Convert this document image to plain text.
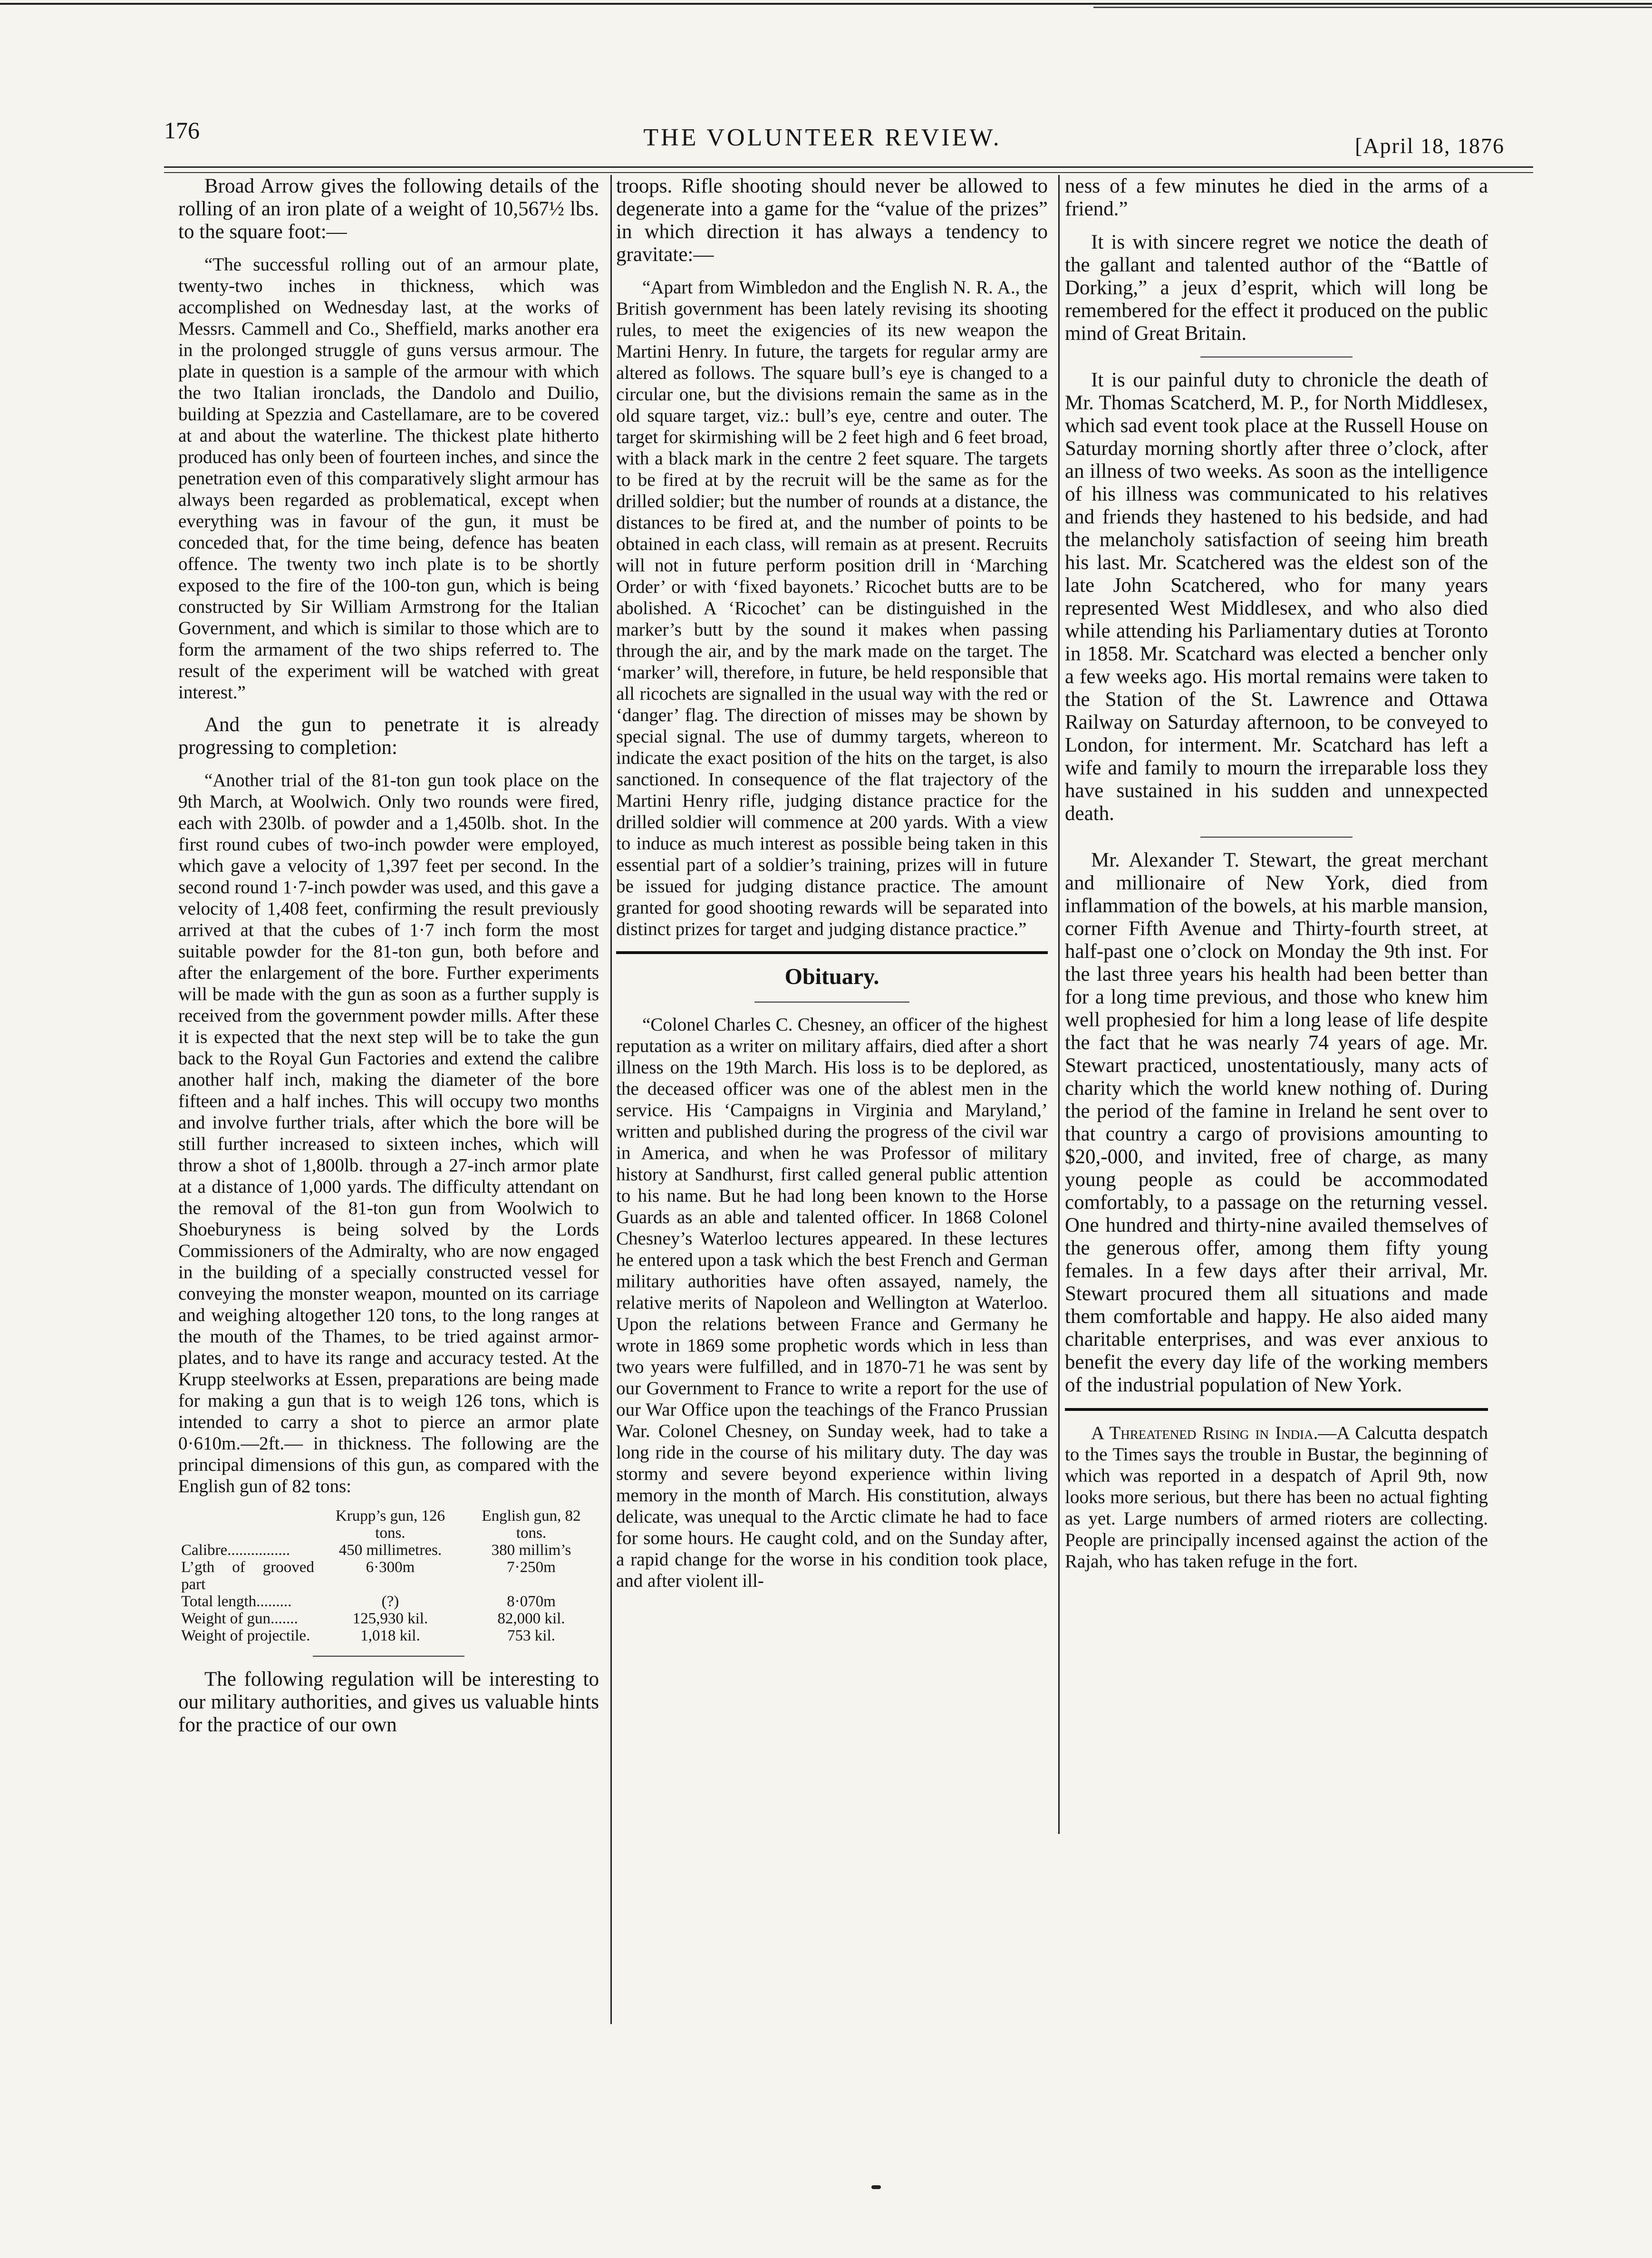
176	THE VOLUNTEER REVIEW.	[April 18, 1876

Broad Arrow gives the following details of the rolling of an iron plate of a weight of 10,567½ lbs. to the square foot:—

“The successful rolling out of an armour plate, twenty-two inches in thickness, which was accomplished on Wednesday last, at the works of Messrs. Cammell and Co., Sheffield, marks another era in the prolonged struggle of guns versus armour. The plate in question is a sample of the armour with which the two Italian ironclads, the Dandolo and Duilio, building at Spezzia and Castellamare, are to be covered at and about the waterline. The thickest plate hitherto produced has only been of fourteen inches, and since the penetration even of this comparatively slight armour has always been regarded as problematical, except when everything was in favour of the gun, it must be conceded that, for the time being, defence has beaten offence. The twenty two inch plate is to be shortly exposed to the fire of the 100-ton gun, which is being constructed by Sir William Armstrong for the Italian Government, and which is similar to those which are to form the armament of the two ships referred to. The result of the experiment will be watched with great interest.”

And the gun to penetrate it is already progressing to completion:

“Another trial of the 81-ton gun took place on the 9th March, at Woolwich. Only two rounds were fired, each with 230lb. of powder and a 1,450lb. shot. In the first round cubes of two-inch powder were employed, which gave a velocity of 1,397 feet per second. In the second round 1·7-inch powder was used, and this gave a velocity of 1,408 feet, confirming the result previously arrived at that the cubes of 1·7 inch form the most suitable powder for the 81-ton gun, both before and after the enlargement of the bore. Further experiments will be made with the gun as soon as a further supply is received from the government powder mills. After these it is expected that the next step will be to take the gun back to the Royal Gun Factories and extend the calibre another half inch, making the diameter of the bore fifteen and a half inches. This will occupy two months and involve further trials, after which the bore will be still further increased to sixteen inches, which will throw a shot of 1,800lb. through a 27-inch armor plate at a distance of 1,000 yards. The difficulty attendant on the removal of the 81-ton gun from Woolwich to Shoeburyness is being solved by the Lords Commissioners of the Admiralty, who are now engaged in the building of a specially constructed vessel for conveying the monster weapon, mounted on its carriage and weighing altogether 120 tons, to the long ranges at the mouth of the Thames, to be tried against armor-plates, and to have its range and accuracy tested. At the Krupp steelworks at Essen, preparations are being made for making a gun that is to weigh 126 tons, which is intended to carry a shot to pierce an armor plate 0·610m.—2ft.— in thickness. The following are the principal dimensions of this gun, as compared with the English gun of 82 tons:

	Krupp’s gun, 126 tons.	English gun, 82 tons.
Calibre................	450 millimetres.	380 millim’s
L’gth of grooved part	6·300m	7·250m
Total length.........	(?)	8·070m
Weight of gun.......	125,930 kil.	82,000 kil.
Weight of projectile.	1,018 kil.	753 kil.

The following regulation will be interesting to our military authorities, and gives us valuable hints for the practice of our own

troops. Rifle shooting should never be allowed to degenerate into a game for the “value of the prizes” in which direction it has always a tendency to gravitate:—

“Apart from Wimbledon and the English N. R. A., the British government has been lately revising its shooting rules, to meet the exigencies of its new weapon the Martini Henry. In future, the targets for regular army are altered as follows. The square bull’s eye is changed to a circular one, but the divisions remain the same as in the old square target, viz.: bull’s eye, centre and outer. The target for skirmishing will be 2 feet high and 6 feet broad, with a black mark in the centre 2 feet square. The targets to be fired at by the recruit will be the same as for the drilled soldier; but the number of rounds at a distance, the distances to be fired at, and the number of points to be obtained in each class, will remain as at present. Recruits will not in future perform position drill in ‘Marching Order’ or with ‘fixed bayonets.’ Ricochet butts are to be abolished. A ‘Ricochet’ can be distinguished in the marker’s butt by the sound it makes when passing through the air, and by the mark made on the target. The ‘marker’ will, therefore, in future, be held responsible that all ricochets are signalled in the usual way with the red or ‘danger’ flag. The direction of misses may be shown by special signal. The use of dummy targets, whereon to indicate the exact position of the hits on the target, is also sanctioned. In consequence of the flat trajectory of the Martini Henry rifle, judging distance practice for the drilled soldier will commence at 200 yards. With a view to induce as much interest as possible being taken in this essential part of a soldier’s training, prizes will in future be issued for judging distance practice. The amount granted for good shooting rewards will be separated into distinct prizes for target and judging distance practice.”

Obituary.

“Colonel Charles C. Chesney, an officer of the highest reputation as a writer on military affairs, died after a short illness on the 19th March. His loss is to be deplored, as the deceased officer was one of the ablest men in the service. His ‘Campaigns in Virginia and Maryland,’ written and published during the progress of the civil war in America, and when he was Professor of military history at Sandhurst, first called general public attention to his name. But he had long been known to the Horse Guards as an able and talented officer. In 1868 Colonel Chesney’s Waterloo lectures appeared. In these lectures he entered upon a task which the best French and German military authorities have often assayed, namely, the relative merits of Napoleon and Wellington at Waterloo. Upon the relations between France and Germany he wrote in 1869 some prophetic words which in less than two years were fulfilled, and in 1870-71 he was sent by our Government to France to write a report for the use of our War Office upon the teachings of the Franco Prussian War. Colonel Chesney, on Sunday week, had to take a long ride in the course of his military duty. The day was stormy and severe beyond experience within living memory in the month of March. His constitution, always delicate, was unequal to the Arctic climate he had to face for some hours. He caught cold, and on the Sunday after, a rapid change for the worse in his condition took place, and after violent ill-

ness of a few minutes he died in the arms of a friend.”

It is with sincere regret we notice the death of the gallant and talented author of the “Battle of Dorking,” a jeux d’esprit, which will long be remembered for the effect it produced on the public mind of Great Britain.

It is our painful duty to chronicle the death of Mr. Thomas Scatcherd, M. P., for North Middlesex, which sad event took place at the Russell House on Saturday morning shortly after three o’clock, after an illness of two weeks. As soon as the intelligence of his illness was communicated to his relatives and friends they hastened to his bedside, and had the melancholy satisfaction of seeing him breath his last. Mr. Scatchered was the eldest son of the late John Scatchered, who for many years represented West Middlesex, and who also died while attending his Parliamentary duties at Toronto in 1858. Mr. Scatchard was elected a bencher only a few weeks ago. His mortal remains were taken to the Station of the St. Lawrence and Ottawa Railway on Saturday afternoon, to be conveyed to London, for interment. Mr. Scatchard has left a wife and family to mourn the irreparable loss they have sustained in his sudden and unnexpected death.

Mr. Alexander T. Stewart, the great merchant and millionaire of New York, died from inflammation of the bowels, at his marble mansion, corner Fifth Avenue and Thirty-fourth street, at half-past one o’clock on Monday the 9th inst. For the last three years his health had been better than for a long time previous, and those who knew him well prophesied for him a long lease of life despite the fact that he was nearly 74 years of age. Mr. Stewart practiced, unostentatiously, many acts of charity which the world knew nothing of. During the period of the famine in Ireland he sent over to that country a cargo of provisions amounting to $20,-000, and invited, free of charge, as many young people as could be accommodated comfortably, to a passage on the returning vessel. One hundred and thirty-nine availed themselves of the generous offer, among them fifty young females. In a few days after their arrival, Mr. Stewart procured them all situations and made them comfortable and happy. He also aided many charitable enterprises, and was ever anxious to benefit the every day life of the working members of the industrial population of New York.

A Threatened Rising in India.—A Calcutta despatch to the Times says the trouble in Bustar, the beginning of which was reported in a despatch of April 9th, now looks more serious, but there has been no actual fighting as yet. Large numbers of armed rioters are collecting. People are principally incensed against the action of the Rajah, who has taken refuge in the fort.
